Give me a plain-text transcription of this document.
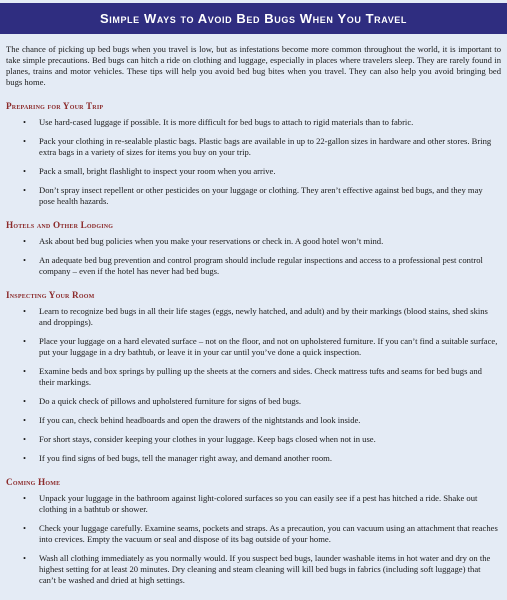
Simple Ways to Avoid Bed Bugs When You Travel

The chance of picking up bed bugs when you travel is low, but as infestations become more common throughout the world, it is important to take simple precautions. Bed bugs can hitch a ride on clothing and luggage, especially in places where travelers sleep. They are rarely found in planes, trains and motor vehicles. These tips will help you avoid bed bug bites when you travel. They can also help you avoid bringing bed bugs home.

Preparing for Your Trip
• Use hard-cased luggage if possible. It is more difficult for bed bugs to attach to rigid materials than to fabric.
• Pack your clothing in re-sealable plastic bags. Plastic bags are available in up to 22-gallon sizes in hardware and other stores. Bring extra bags in a variety of sizes for items you buy on your trip.
• Pack a small, bright flashlight to inspect your room when you arrive.
• Don’t spray insect repellent or other pesticides on your luggage or clothing. They aren’t effective against bed bugs, and they may pose health hazards.
Hotels and Other Lodging
• Ask about bed bug policies when you make your reservations or check in. A good hotel won’t mind.
• An adequate bed bug prevention and control program should include regular inspections and access to a professional pest control company – even if the hotel has never had bed bugs.
Inspecting Your Room
• Learn to recognize bed bugs in all their life stages (eggs, newly hatched, and adult) and by their markings (blood stains, shed skins and droppings).
• Place your luggage on a hard elevated surface – not on the floor, and not on upholstered furniture. If you can’t find a suitable surface, put your luggage in a dry bathtub, or leave it in your car until you’ve done a quick inspection.
• Examine beds and box springs by pulling up the sheets at the corners and sides. Check mattress tufts and seams for bed bugs and their markings.
• Do a quick check of pillows and upholstered furniture for signs of bed bugs.
• If you can, check behind headboards and open the drawers of the nightstands and look inside.
• For short stays, consider keeping your clothes in your luggage. Keep bags closed when not in use.
• If you find signs of bed bugs, tell the manager right away, and demand another room.
Coming Home
• Unpack your luggage in the bathroom against light-colored surfaces so you can easily see if a pest has hitched a ride. Shake out clothing in a bathtub or shower.
• Check your luggage carefully. Examine seams, pockets and straps. As a precaution, you can vacuum using an attachment that reaches into crevices. Empty the vacuum or seal and dispose of its bag outside of your home.
• Wash all clothing immediately as you normally would. If you suspect bed bugs, launder washable items in hot water and dry on the highest setting for at least 20 minutes. Dry cleaning and steam cleaning will kill bed bugs in fabrics (including soft luggage) that can’t be washed and dried at high settings.
